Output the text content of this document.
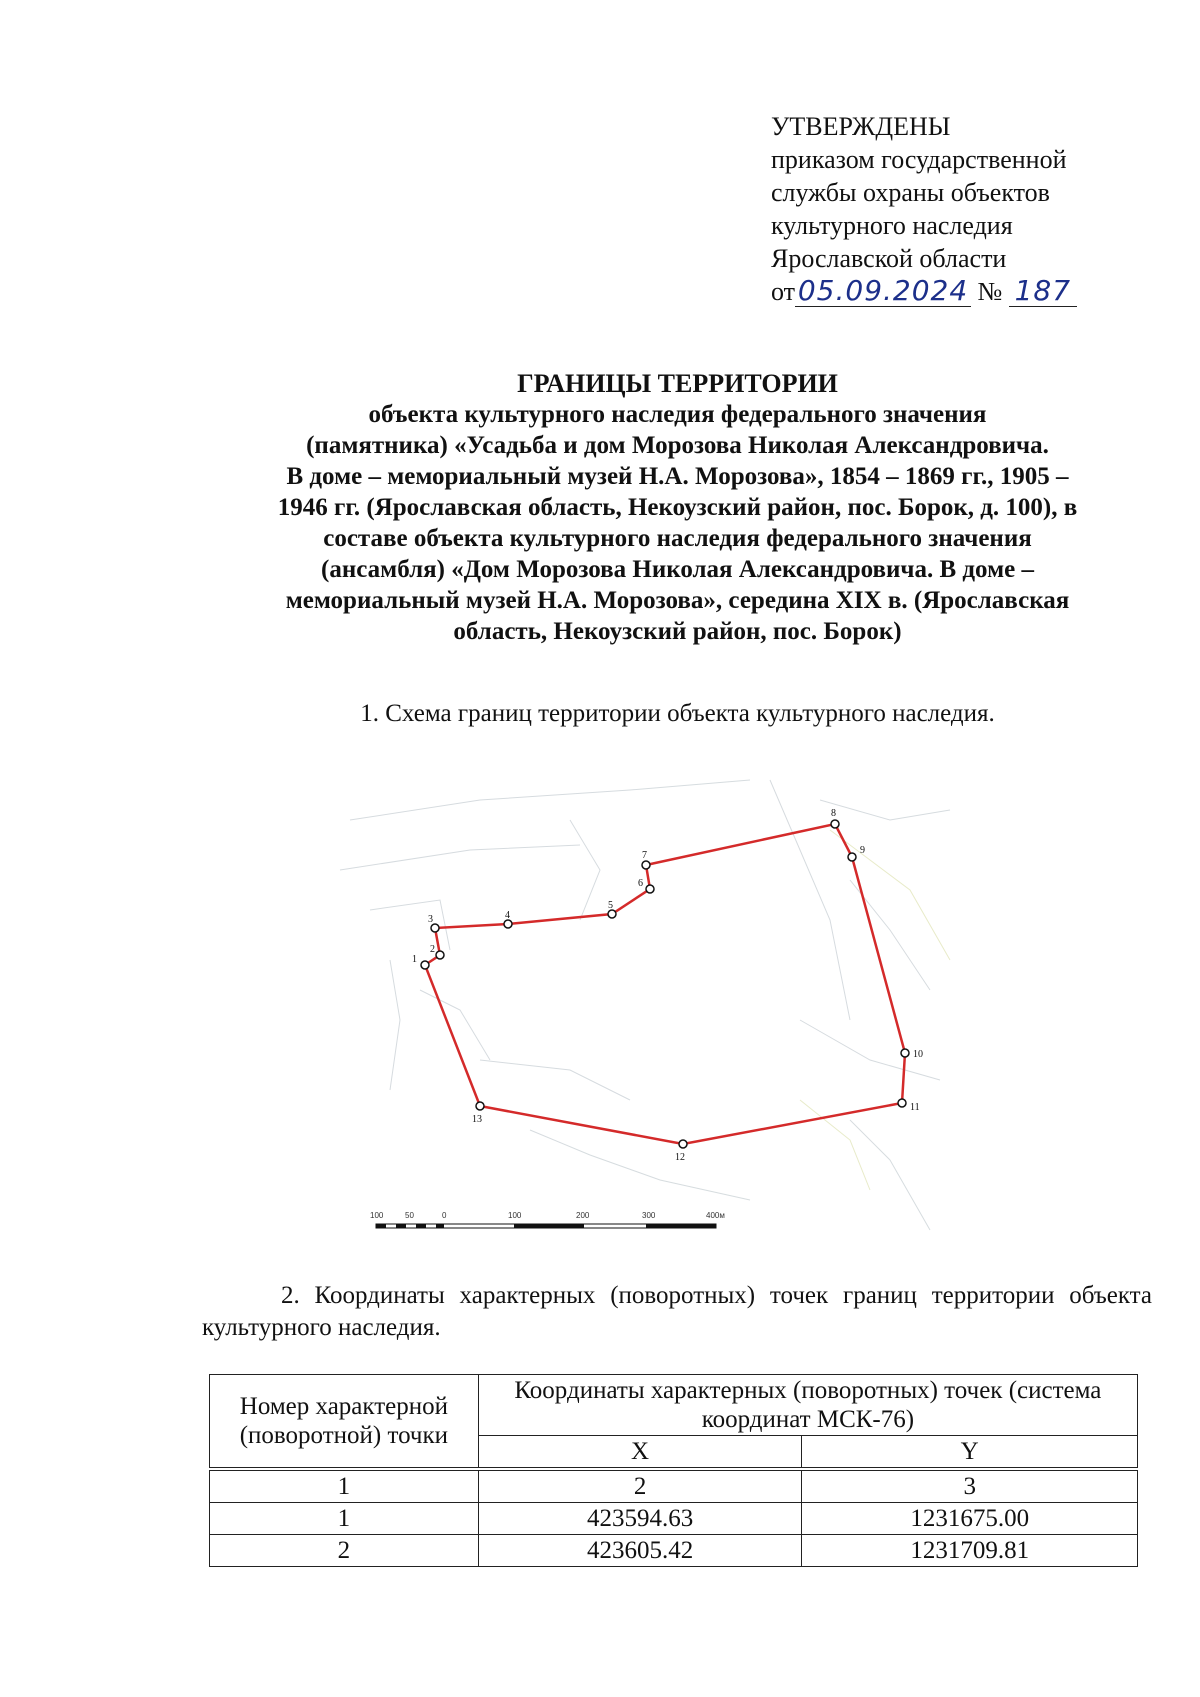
УТВЕРЖДЕНЫ
приказом государственной
службы охраны объектов
культурного наследия
Ярославской области
от 05.09.2024 № 187
ГРАНИЦЫ ТЕРРИТОРИИ
объекта культурного наследия федерального значения
(памятника) «Усадьба и дом Морозова Николая Александровича.
В доме – мемориальный музей Н.А. Морозова», 1854 – 1869 гг., 1905 –
1946 гг. (Ярославская область, Некоузский район, пос. Борок, д. 100), в
составе объекта культурного наследия федерального значения
(ансамбля) «Дом Морозова Николая Александровича. В доме –
мемориальный музей Н.А. Морозова», середина XIX в. (Ярославская
область, Некоузский район, пос. Борок)
1. Схема границ территории объекта культурного наследия.
1
2
3	4
5
6
7
8
9
10
11
12
13
100	50	0	100	200	300	400м

2. Координаты характерных (поворотных) точек границ территории объекта культурного наследия.

Номер характерной (поворотной) точки	Координаты характерных (поворотных) точек (система координат МСК-76)	
	X	Y
1	2	3
1	423594.63	1231675.00
2	423605.42	1231709.81
